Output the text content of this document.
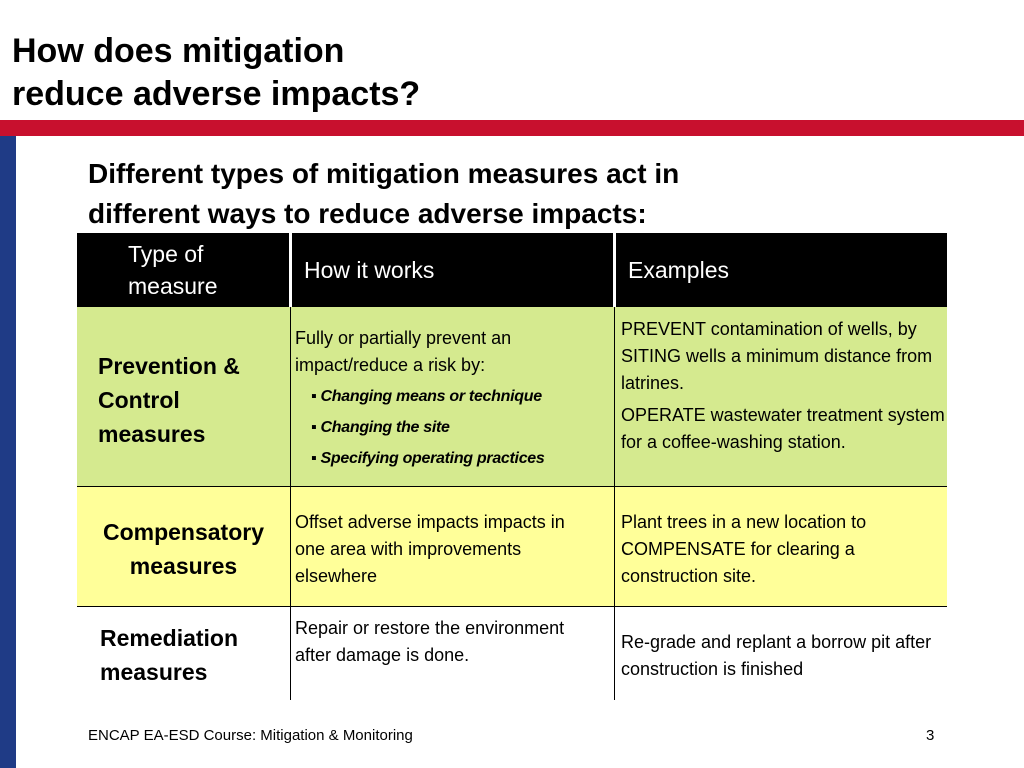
How does mitigation
reduce adverse impacts?
Different types of mitigation measures act in
different ways to reduce adverse impacts:
Type of
measure
How it works	Examples
Prevention &
Control
measures
Fully or partially prevent an impact/reduce a risk by:
▪ Changing means or technique
▪ Changing the site
▪ Specifying operating practices
PREVENT contamination of wells, by SITING wells a minimum distance from latrines.
OPERATE wastewater treatment system for a coffee-washing station.
Compensatory
measures
Offset adverse impacts impacts in one area with improvements elsewhere
Plant trees in a new location to COMPENSATE for clearing a construction site.
Remediation
measures
Repair or restore the environment after damage is done.
Re-grade and replant a borrow pit after construction is finished
ENCAP EA-ESD Course: Mitigation & Monitoring	3
